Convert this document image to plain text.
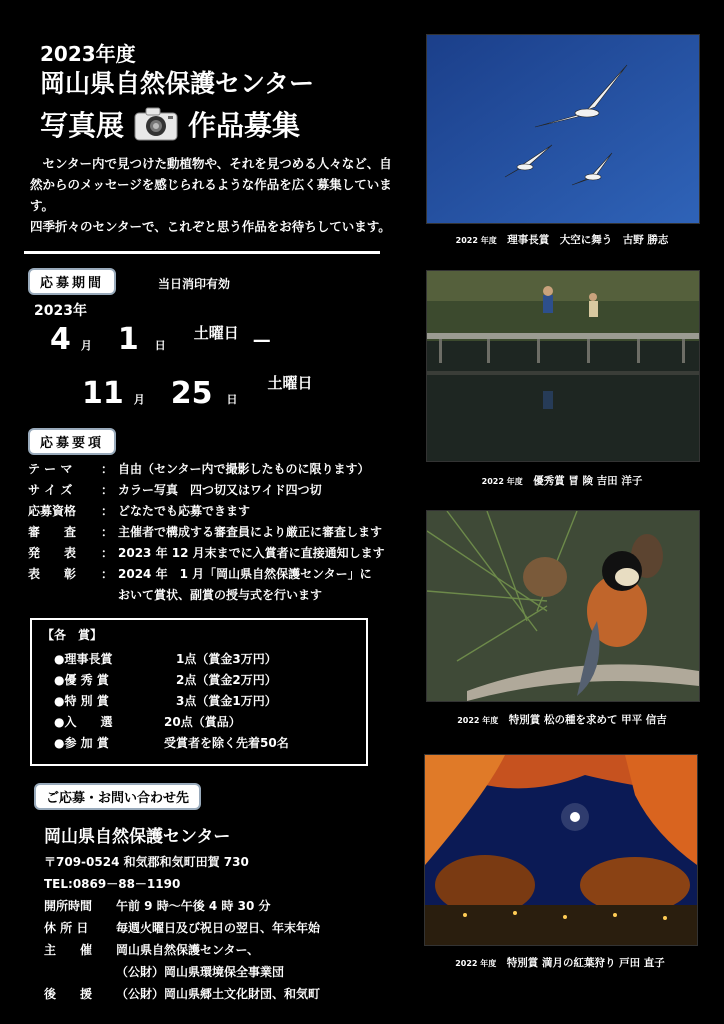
2023年度
岡山県自然保護センター
写真展 作品募集

センター内で見つけた動植物や、それを見つめる人々など、自然からのメッセージを感じられるような作品を広く募集しています。

四季折々のセンターで、これぞと思う作品をお待ちしています。

応募期間	当日消印有効
2023年
4 月 1 日
土曜日 —
11 月 25 日
土曜日
応募要項
テ ー マ	： 自由（センター内で撮影したものに限ります）
サ イ ズ	： カラー写真　四つ切又はワイド四つ切
応募資格	： どなたでも応募できます
審　　査	： 主催者で構成する審査員により厳正に審査します
発　　表	： 2023 年 12 月末までに入賞者に直接通知します
表　　彰	： 2024 年　1 月「岡山県自然保護センター」に
おいて賞状、副賞の授与式を行います
【各　賞】
●理事長賞	1点（賞金3万円）
●優 秀 賞	2点（賞金2万円）
●特 別 賞	3点（賞金1万円）
●入　　選	20点（賞品）
●参 加 賞	受賞者を除く先着50名
ご応募・お問い合わせ先
岡山県自然保護センター
〒709-0524 和気郡和気町田賀 730
TEL:0869－88－1190
開所時間	午前 9 時〜午後 4 時 30 分
休 所 日	毎週火曜日及び祝日の翌日、年末年始
主　　催	岡山県自然保護センター、
（公財）岡山県環境保全事業団
後　　援	（公財）岡山県郷土文化財団、和気町
2022 年度　 理事長賞　大空に舞う　古野 勝志
2022 年度　 優秀賞 冒 険 吉田 洋子
2022 年度　 特別賞 松の種を求めて 甲平 信吉
2022 年度　 特別賞 満月の紅葉狩り 戸田 直子
